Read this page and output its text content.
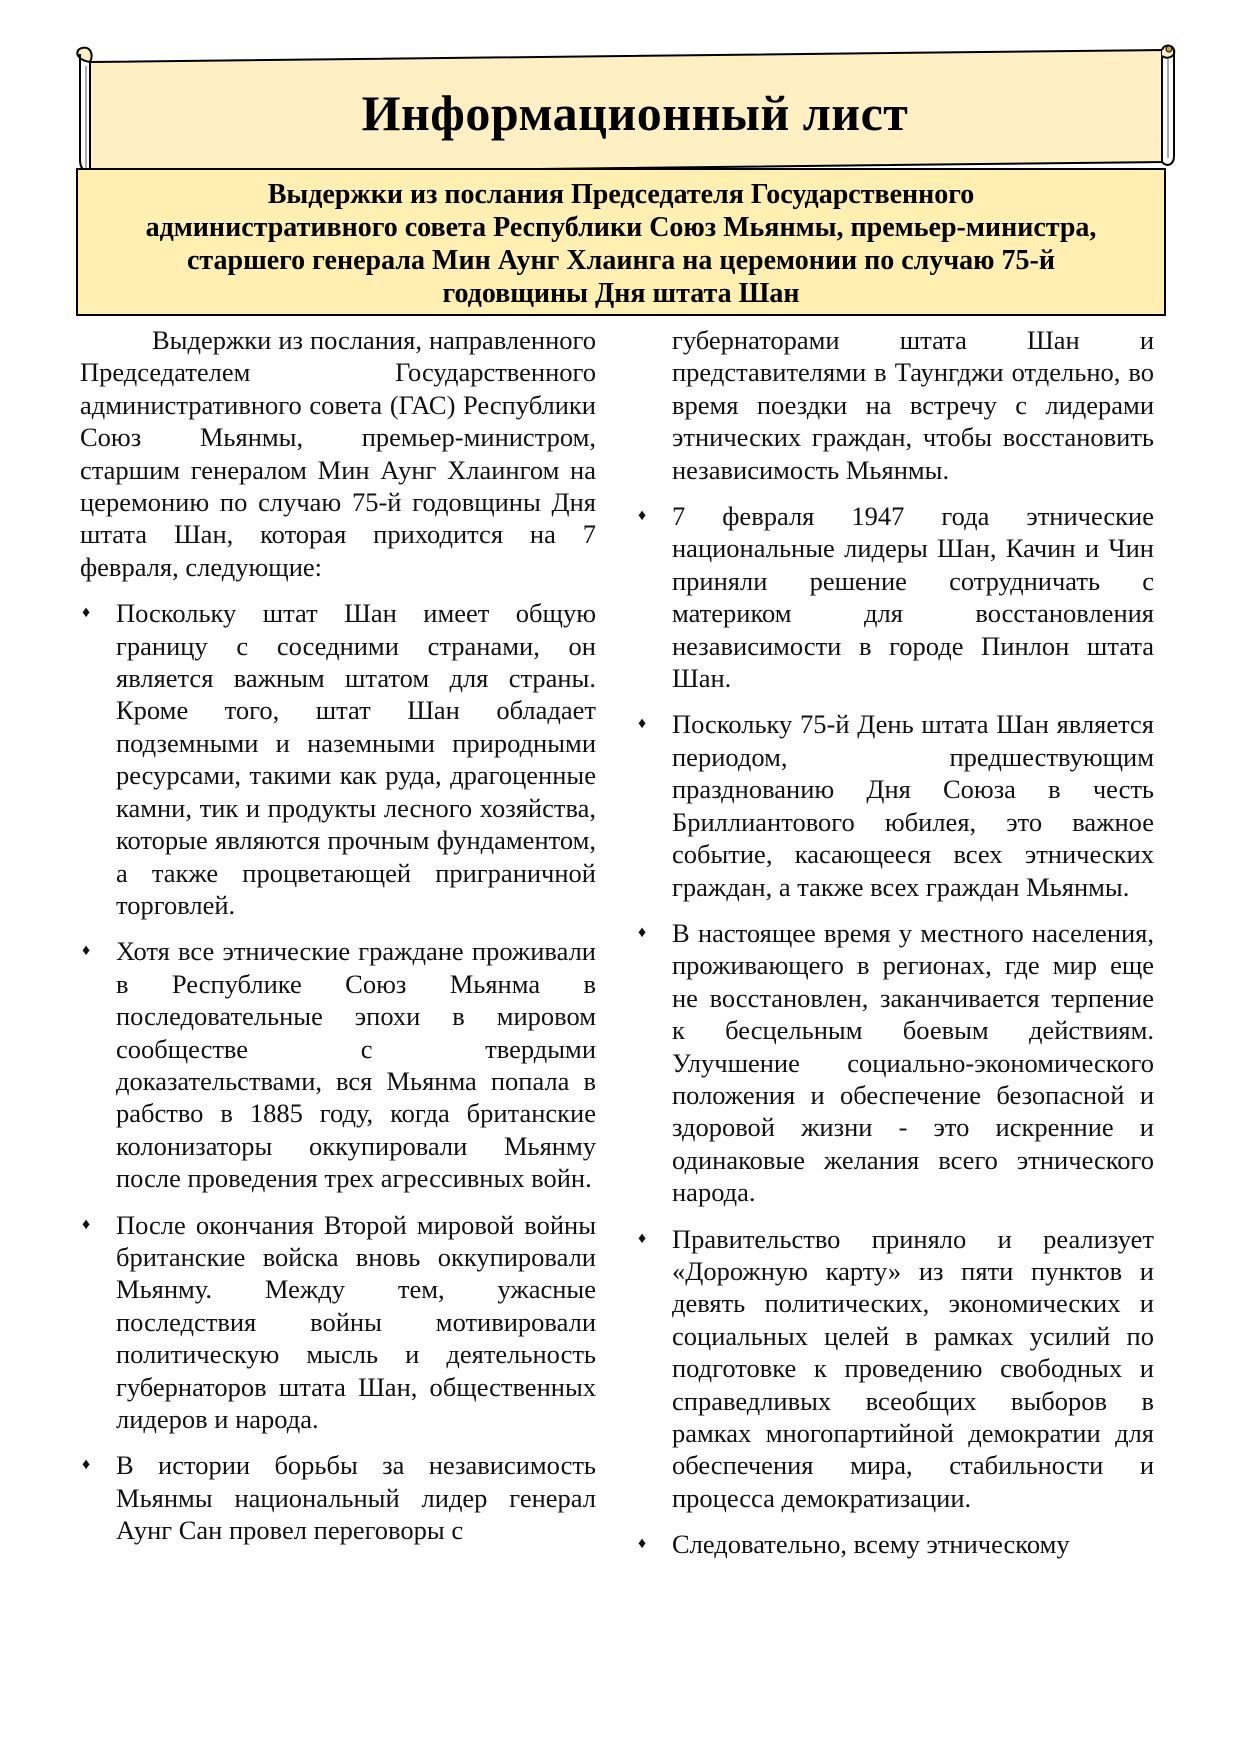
Информационный лист
Выдержки из послания Председателя Государственного
административного совета Республики Союз Мьянмы, премьер-министра,
старшего генерала Мин Аунг Хлаинга на церемонии по случаю 75-й
годовщины Дня штата Шан

Выдержки из послания, направленного Председателем Государственного административного совета (ГАС) Республики Союз Мьянмы, премьер-министром, старшим генералом Мин Аунг Хлаингом на церемонию по случаю 75-й годовщины Дня штата Шан, которая приходится на 7 февраля, следующие:

♦ Поскольку штат Шан имеет общую границу с соседними странами, он является важным штатом для страны. Кроме того, штат Шан обладает подземными и наземными природными ресурсами, такими как руда, драгоценные камни, тик и продукты лесного хозяйства, которые являются прочным фундаментом, а также процветающей приграничной торговлей.
♦ Хотя все этнические граждане проживали в Республике Союз Мьянма в последовательные эпохи в мировом сообществе с твердыми доказательствами, вся Мьянма попала в рабство в 1885 году, когда британские колонизаторы оккупировали Мьянму после проведения трех агрессивных войн.
♦ После окончания Второй мировой войны британские войска вновь оккупировали Мьянму. Между тем, ужасные последствия войны мотивировали политическую мысль и деятельность губернаторов штата Шан, общественных лидеров и народа.
♦ В истории борьбы за независимость Мьянмы национальный лидер генерал Аунг Сан провел переговоры с

губернаторами штата Шан и представителями в Таунгджи отдельно, во время поездки на встречу с лидерами этнических граждан, чтобы восстановить независимость Мьянмы.

♦ 7 февраля 1947 года этнические национальные лидеры Шан, Качин и Чин приняли решение сотрудничать с материком для восстановления независимости в городе Пинлон штата Шан.
♦ Поскольку 75-й День штата Шан является периодом, предшествующим празднованию Дня Союза в честь Бриллиантового юбилея, это важное событие, касающееся всех этнических граждан, а также всех граждан Мьянмы.
♦ В настоящее время у местного населения, проживающего в регионах, где мир еще не восстановлен, заканчивается терпение к бесцельным боевым действиям. Улучшение социально-экономического положения и обеспечение безопасной и здоровой жизни - это искренние и одинаковые желания всего этнического народа.
♦ Правительство приняло и реализует «Дорожную карту» из пяти пунктов и девять политических, экономических и социальных целей в рамках усилий по подготовке к проведению свободных и справедливых всеобщих выборов в рамках многопартийной демократии для обеспечения мира, стабильности и процесса демократизации.
♦ Следовательно, всему этническому
